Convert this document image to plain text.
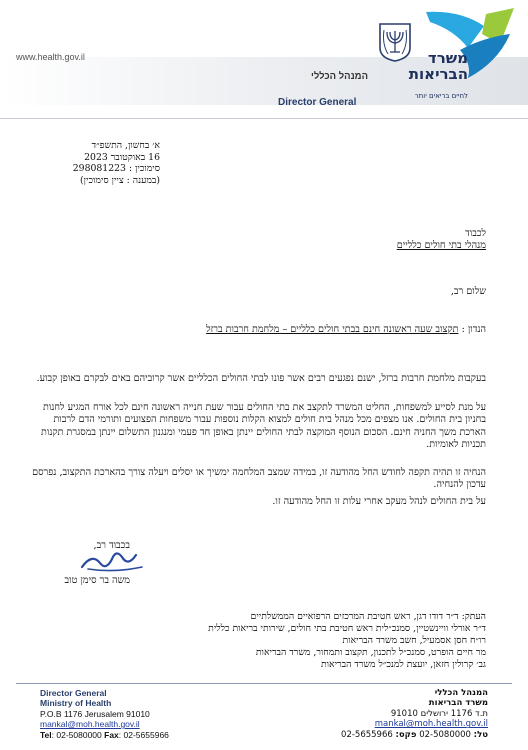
www.health.gov.il	משרד
הבריאות
לחיים בריאים יותר
המנהל הכללי
Director General
א׳ בחשון, התשפ״ד
16 באוקטובר 2023
סימוכין : 298081223
(במענה : ציין סימוכין)
לכבוד
מנהלי בתי חולים כלליים
שלום רב,
הנדון : תקצוב שעה ראשונה חינם בבתי חולים כלליים – מלחמת חרבות ברזל
בעקבות מלחמת חרבות ברזל, ישנם נפגעים רבים אשר פונו לבתי החולים הכלליים אשר קרוביהם באים לבקרם באופן קבוע.
על מנת לסייע למשפחות, החליט המשרד לתקצב את בתי החולים עבור שעת חנייה ראשונה חינם לכל אורח המגיע לחנות בחניון בית החולים. אנו מצפים מכל מנהל בית חולים למצוא הקלות נוספות עבור משפחות הפצועים ותורמי הדם לרבות הארכת משך החניה חינם. הסכום הנוסף המוקצה לבתי החולים יינתן באופן חד פעמי ומנגנון התשלום יינתן במסגרת תקנות תכניות לאומיות.
הנחיה זו תהיה תקפה לחודש החל מהודעה זו, במידה שמצב המלחמה ימשיך או יסלים ויעלה צורך בהארכת התקצוב, נפרסם עדכון להנחיה.
על בית החולים לנהל מעקב אחרי עלות זו החל מהודעה זו.
בכבוד רב,
משה בר סימן טוב
העתק: ד״ר דודו דגן, ראש חטיבת המרכזים הרפואיים הממשלתיים
ד״ר אורלי וויינשטיין, סמנכ״לית ראש חטיבת בתי חולים, שירותי בריאות כללית
רו״ח חסן אסמעיל, חשב משרד הבריאות
מר חיים הופרט, סמנכ״ל לתכנון, תקצוב ותמחור, משרד הבריאות
גב׳ קרולין חזאן, יועצת למנכ״ל משרד הבריאות
Director General
Ministry of Health
P.O.B 1176 Jerusalem 91010
mankal@moh.health.gov.il
Tel: 02-5080000 Fax: 02-5655966
המנהל הכללי
משרד הבריאות
ת.ד 1176 ירושלים 91010
mankal@moh.health.gov.il
טל: 02-5080000 פקס: 02-5655966
